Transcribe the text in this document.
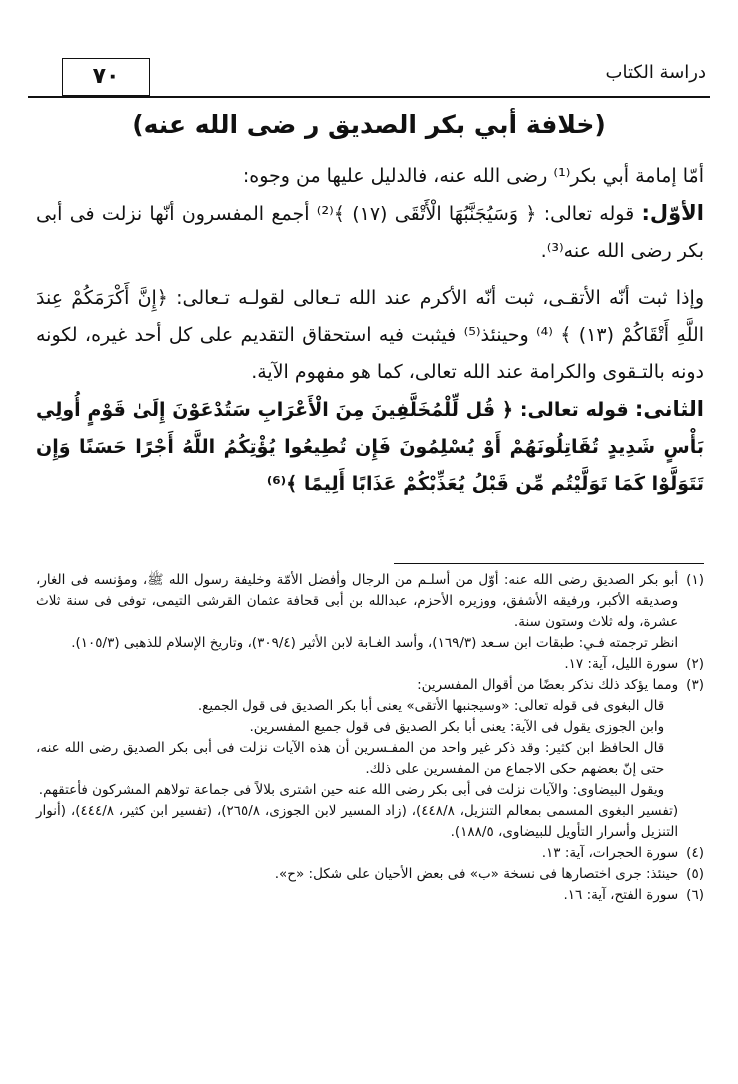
٧٠	دراسة الكتاب
(خلافة أبي بكر الصديق ر ضى الله عنه)

أمّا إمامة أبي بكر⁽¹⁾ رضى الله عنه، فالدليل عليها من وجوه:

الأوّل: قوله تعالى: ﴿ وَسَيُجَنَّبُهَا الْأَتْقَى (١٧) ﴾⁽²⁾ أجمع المفسرون أنّها نزلت فى أبى بكر رضى الله عنه⁽³⁾.

وإذا ثبت أنّه الأتقـى، ثبت أنّه الأكرم عند الله تـعالى لقولـه تـعالى: ﴿إِنَّ أَكْرَمَكُمْ عِندَ اللَّهِ أَتْقَاكُمْ (١٣) ﴾ ⁽⁴⁾ وحينئذ⁽⁵⁾ فيثبت فيه استحقاق التقديم على كل أحد غيره، لكونه دونه بالتـقوى والكرامة عند الله تعالى، كما هو مفهوم الآية.

الثانى: قوله تعالى: ﴿ قُل لِّلْمُخَلَّفِينَ مِنَ الْأَعْرَابِ سَتُدْعَوْنَ إِلَىٰ قَوْمٍ أُولِي بَأْسٍ شَدِيدٍ تُقَاتِلُونَهُمْ أَوْ يُسْلِمُونَ فَإِن تُطِيعُوا يُؤْتِكُمُ اللَّهُ أَجْرًا حَسَنًا وَإِن تَتَوَلَّوْا كَمَا تَوَلَّيْتُم مِّن قَبْلُ يُعَذِّبْكُمْ عَذَابًا أَلِيمًا ﴾⁽⁶⁾

(١)
أبو بكر الصديق رضى الله عنه: أوّل من أسلـم من الرجال وأفضل الأمّة وخليفة رسول الله ﷺ، ومؤنسه فى الغار، وصديقه الأكبر، ورفيقه الأشفق، ووزيره الأحزم، عبدالله بن أبى قحافة عثمان القرشى التيمى، توفى فى سنة ثلاث عشرة، وله ثلاث وستون سنة.
انظر ترجمته فـي: طبقات ابن سـعد (١٦٩/٣)، وأسد الغـابة لابن الأثير (٣٠٩/٤)، وتاريخ الإسلام للذهبى (١٠٥/٣).
(٢)
سورة الليل، آية: ١٧.
(٣)
ومما يؤكد ذلك نذكر بعضًا من أقوال المفسرين:
قال البغوى فى قوله تعالى: «وسيجنبها الأتقى» يعنى أبا بكر الصديق فى قول الجميع.
وابن الجوزى يقول فى الآية: يعنى أبا بكر الصديق فى قول جميع المفسرين.
قال الحافظ ابن كثير: وقد ذكر غير واحد من المفـسرين أن هذه الآيات نزلت فى أبى بكر الصديق رضى الله عنه، حتى إنّ بعضهم حكى الاجماع من المفسرين على ذلك.
ويقول البيضاوى: والآيات نزلت فى أبى بكر رضى الله عنه حين اشترى بلالاً فى جماعة تولاهم المشركون فأعتقهم.
(تفسير البغوى المسمى بمعالم التنزيل، ٤٤٨/٨)، (زاد المسير لابن الجوزى، ٢٦٥/٨)، (تفسير ابن كثير، ٤٤٤/٨)، (أنوار التنزيل وأسرار التأويل للبيضاوى، ١٨٨/٥).
(٤)
سورة الحجرات، آية: ١٣.
(٥)
حينئذ: جرى اختصارها فى نسخة «ب» فى بعض الأحيان على شكل: «ح».
(٦)
سورة الفتح، آية: ١٦.
